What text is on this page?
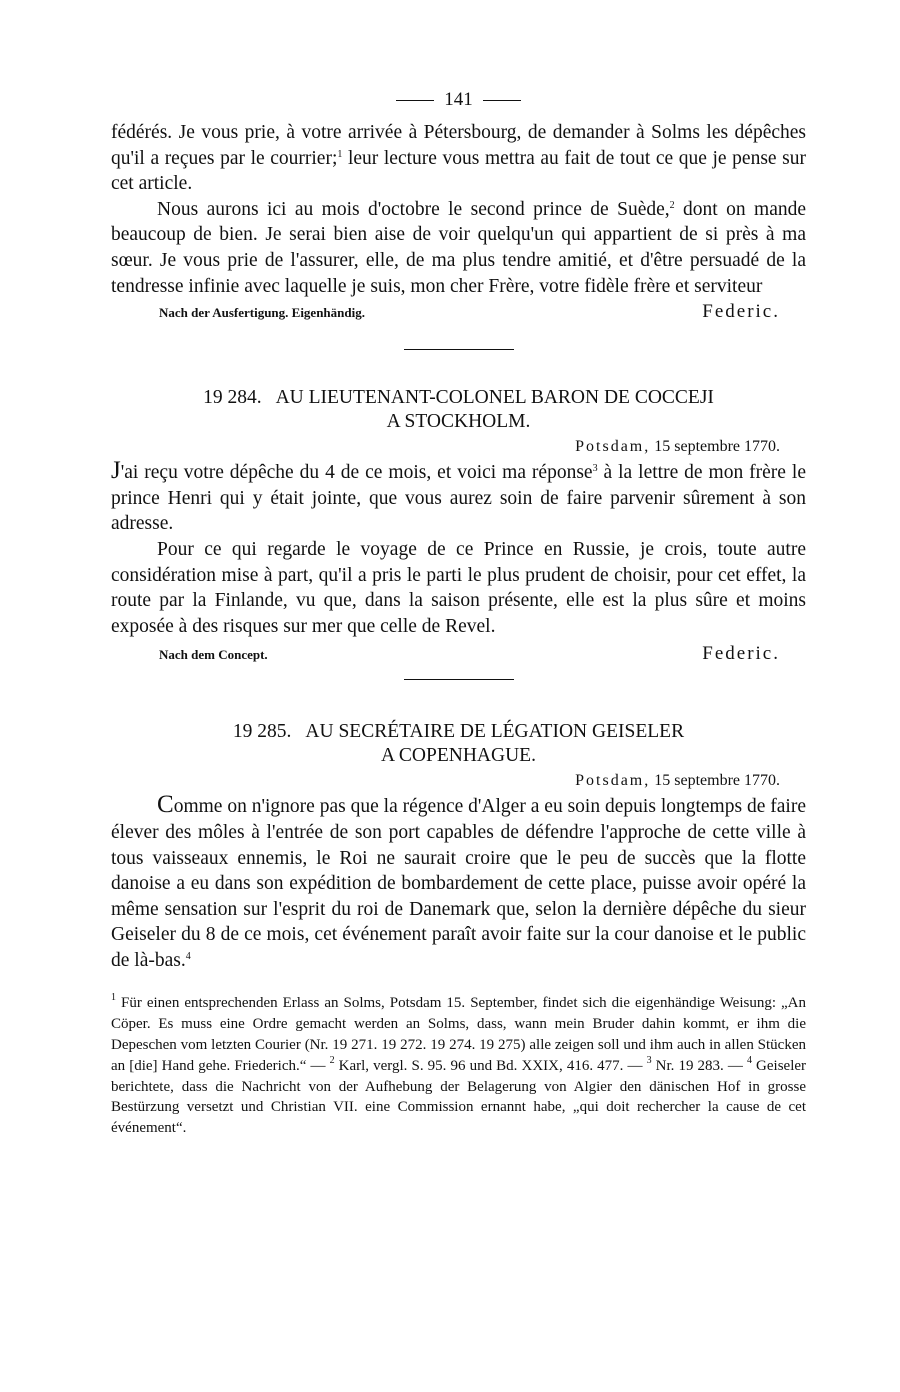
141

fédérés. Je vous prie, à votre arrivée à Pétersbourg, de demander à Solms les dépêches qu'il a reçues par le courrier;$^1$ leur lecture vous mettra au fait de tout ce que je pense sur cet article.

Nous aurons ici au mois d'octobre le second prince de Suède,$^2$ dont on mande beaucoup de bien. Je serai bien aise de voir quelqu'un qui appartient de si près à ma sœur. Je vous prie de l'assurer, elle, de ma plus tendre amitié, et d'être persuadé de la tendresse infinie avec laquelle je suis, mon cher Frère, votre fidèle frère et serviteur

Nach der Ausfertigung. Eigenhändig.	Federic.
19 284. AU LIEUTENANT-COLONEL BARON DE COCCEJI
A STOCKHOLM.
Potsdam, 15 septembre 1770.

J'ai reçu votre dépêche du 4 de ce mois, et voici ma réponse$^3$ à la lettre de mon frère le prince Henri qui y était jointe, que vous aurez soin de faire parvenir sûrement à son adresse.

Pour ce qui regarde le voyage de ce Prince en Russie, je crois, toute autre considération mise à part, qu'il a pris le parti le plus prudent de choisir, pour cet effet, la route par la Finlande, vu que, dans la saison présente, elle est la plus sûre et moins exposée à des risques sur mer que celle de Revel.

Nach dem Concept.	Federic.
19 285. AU SECRÉTAIRE DE LÉGATION GEISELER
A COPENHAGUE.
Potsdam, 15 septembre 1770.

Comme on n'ignore pas que la régence d'Alger a eu soin depuis longtemps de faire élever des môles à l'entrée de son port capables de défendre l'approche de cette ville à tous vaisseaux ennemis, le Roi ne saurait croire que le peu de succès que la flotte danoise a eu dans son expédition de bombardement de cette place, puisse avoir opéré la même sensation sur l'esprit du roi de Danemark que, selon la dernière dépêche du sieur Geiseler du 8 de ce mois, cet événement paraît avoir faite sur la cour danoise et le public de là-bas.$^4$

$^1$ Für einen entsprechenden Erlass an Solms, Potsdam 15. September, findet sich die eigenhändige Weisung: „An Cöper. Es muss eine Ordre gemacht werden an Solms, dass, wann mein Bruder dahin kommt, er ihm die Depeschen vom letzten Courier (Nr. 19 271. 19 272. 19 274. 19 275) alle zeigen soll und ihm auch in allen Stücken an [die] Hand gehe. Friederich.“ — $^2$ Karl, vergl. S. 95. 96 und Bd. XXIX, 416. 477. — $^3$ Nr. 19 283. — $^4$ Geiseler berichtete, dass die Nachricht von der Aufhebung der Belagerung von Algier den dänischen Hof in grosse Bestürzung versetzt und Christian VII. eine Commission ernannt habe, „qui doit rechercher la cause de cet événement“.
